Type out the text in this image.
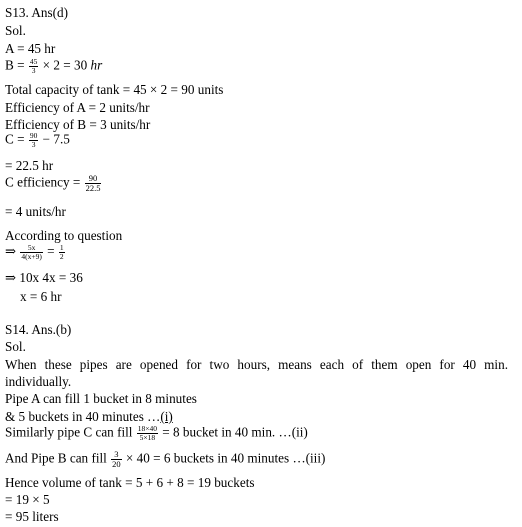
S13. Ans(d)
Sol.
A = 45 hr
$B = \frac{45}{3} \times 2 = 30$ hr
Total capacity of tank = 45 × 2 = 90 units
Efficiency of A = 2 units/hr
Efficiency of B = 3 units/hr
$C = \frac{90}{3} - 7.5$
= 22.5 hr
C efficiency = $\frac{90}{22.5}$
= 4 units/hr
According to question
⇒ $\frac{5x}{4(x+9)} = \frac{1}{2}$
⇒ 10x 4x = 36
x = 6 hr
S14. Ans.(b)
Sol.
When these pipes are opened for two hours, means each of them open for 40 min.
individually.
Pipe A can fill 1 bucket in 8 minutes
& 5 buckets in 40 minutes …(i)
Similarly pipe C can fill $\frac{18\times 40}{5\times 18} = 8$ bucket in 40 min. …(ii)
And Pipe B can fill $\frac{3}{20} \times 40 = 6$ buckets in 40 minutes …(iii)
Hence volume of tank = 5 + 6 + 8 = 19 buckets
= 19 × 5
= 95 liters
